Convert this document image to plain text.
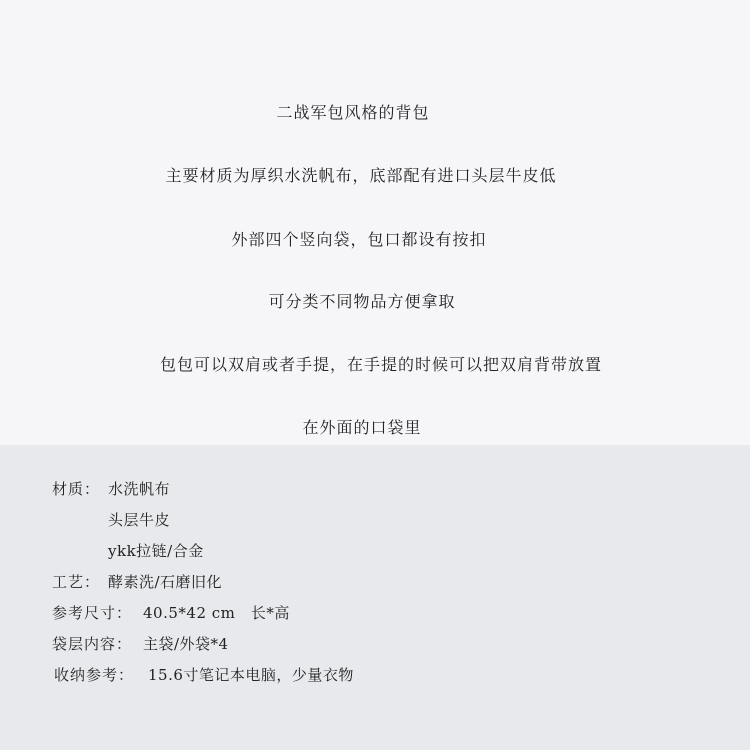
二战军包风格的背包
主要材质为厚织水洗帆布，底部配有进口头层牛皮低
外部四个竖向袋，包口都设有按扣
可分类不同物品方便拿取
包包可以双肩或者手提，在手提的时候可以把双肩背带放置
在外面的口袋里
材质： 水洗帆布
头层牛皮
ykk拉链/合金
工艺： 酵素洗/石磨旧化
参考尺寸： 40.5*42 cm　长*高
袋层内容： 主袋/外袋*4
收纳参考： 15.6寸笔记本电脑，少量衣物
